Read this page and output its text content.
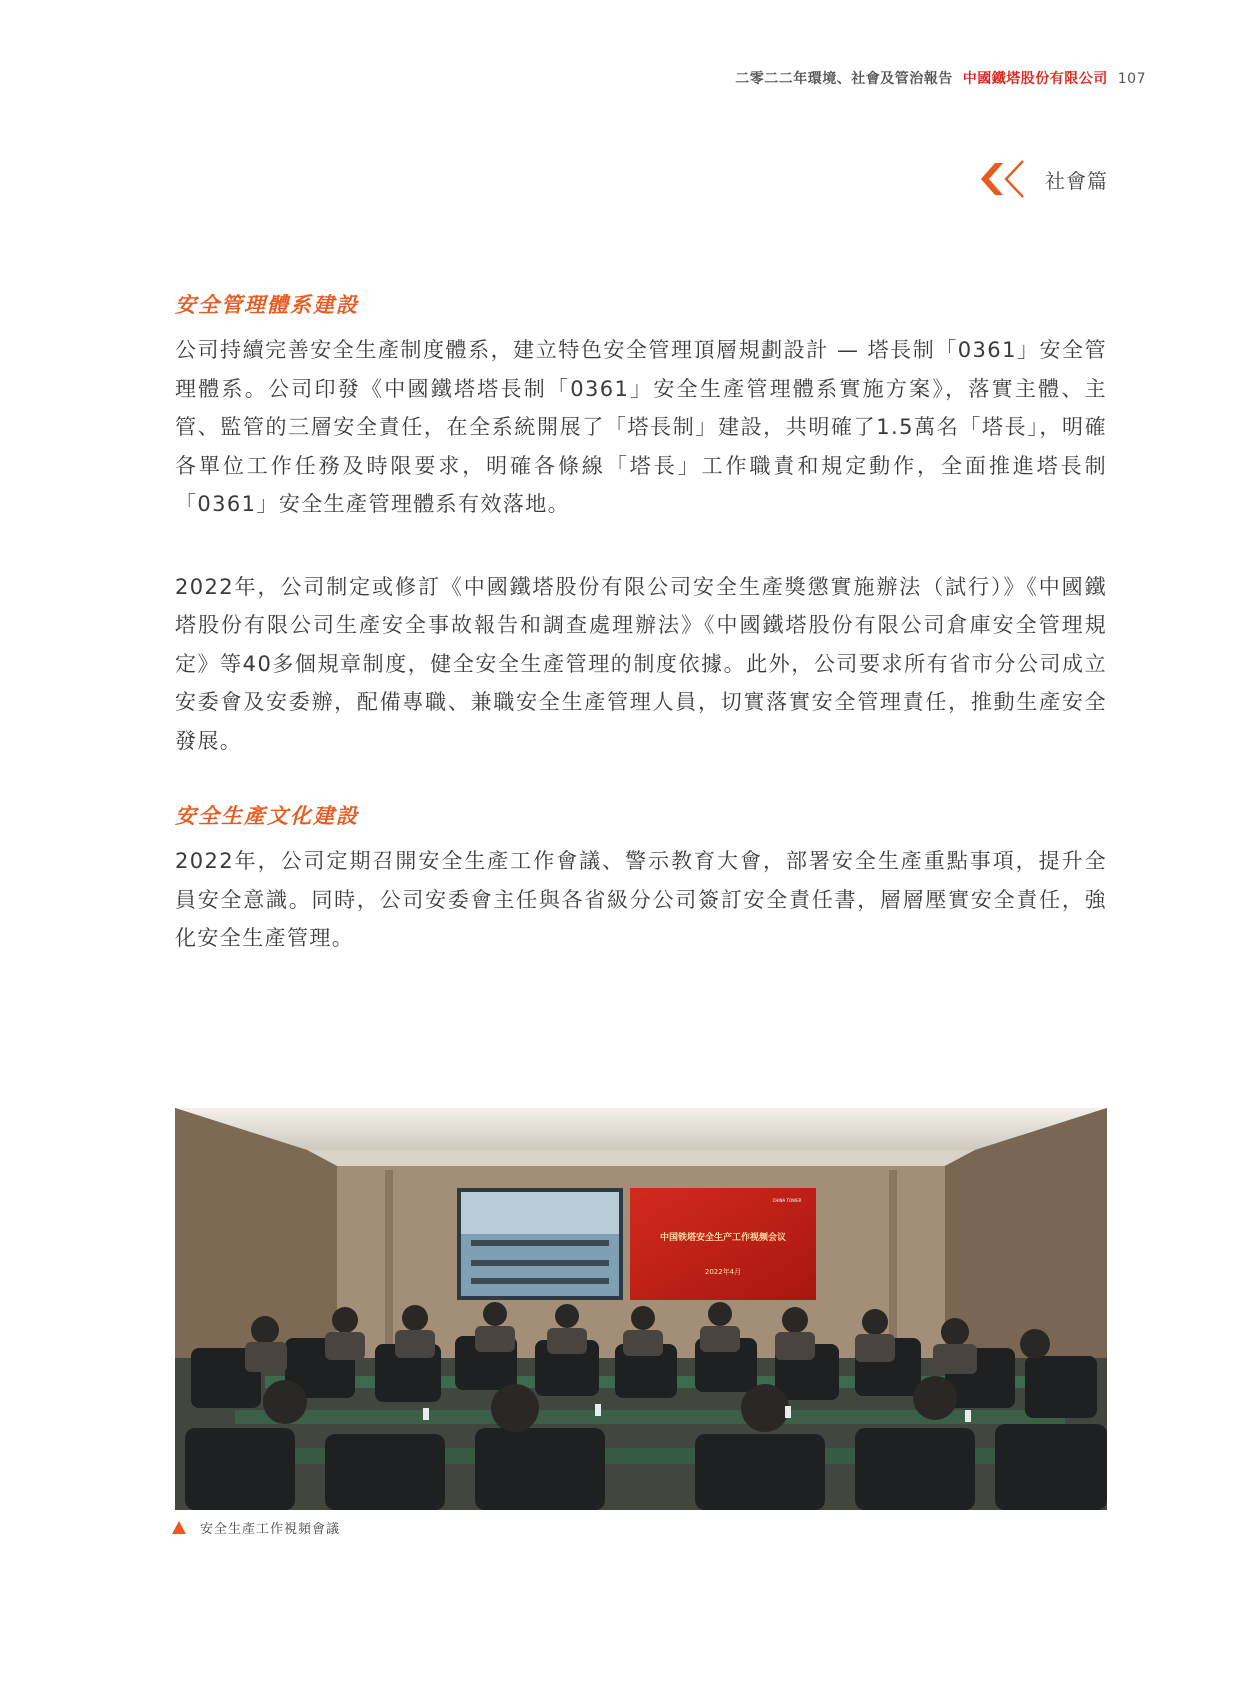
二零二二年環境、社會及管治報告 中國鐵塔股份有限公司 107
社會篇
安全管理體系建設

公司持續完善安全生產制度體系，建立特色安全管理頂層規劃設計 — 塔長制「0361」安全管理體系。公司印發《中國鐵塔塔長制「0361」安全生產管理體系實施方案》，落實主體、主管、監管的三層安全責任，在全系統開展了「塔長制」建設，共明確了1.5萬名「塔長」，明確各單位工作任務及時限要求，明確各條線「塔長」工作職責和規定動作，全面推進塔長制「0361」安全生產管理體系有效落地。

2022年，公司制定或修訂《中國鐵塔股份有限公司安全生產獎懲實施辦法（試行）》《中國鐵塔股份有限公司生產安全事故報告和調查處理辦法》《中國鐵塔股份有限公司倉庫安全管理規定》等40多個規章制度，健全安全生產管理的制度依據。此外，公司要求所有省市分公司成立安委會及安委辦，配備專職、兼職安全生產管理人員，切實落實安全管理責任，推動生產安全發展。

安全生產文化建設

2022年，公司定期召開安全生產工作會議、警示教育大會，部署安全生產重點事項，提升全員安全意識。同時，公司安委會主任與各省級分公司簽訂安全責任書，層層壓實安全責任，強化安全生產管理。

中国铁塔安全生产工作视频会议
2022年4月
CHINA TOWER
安全生產工作視頻會議
